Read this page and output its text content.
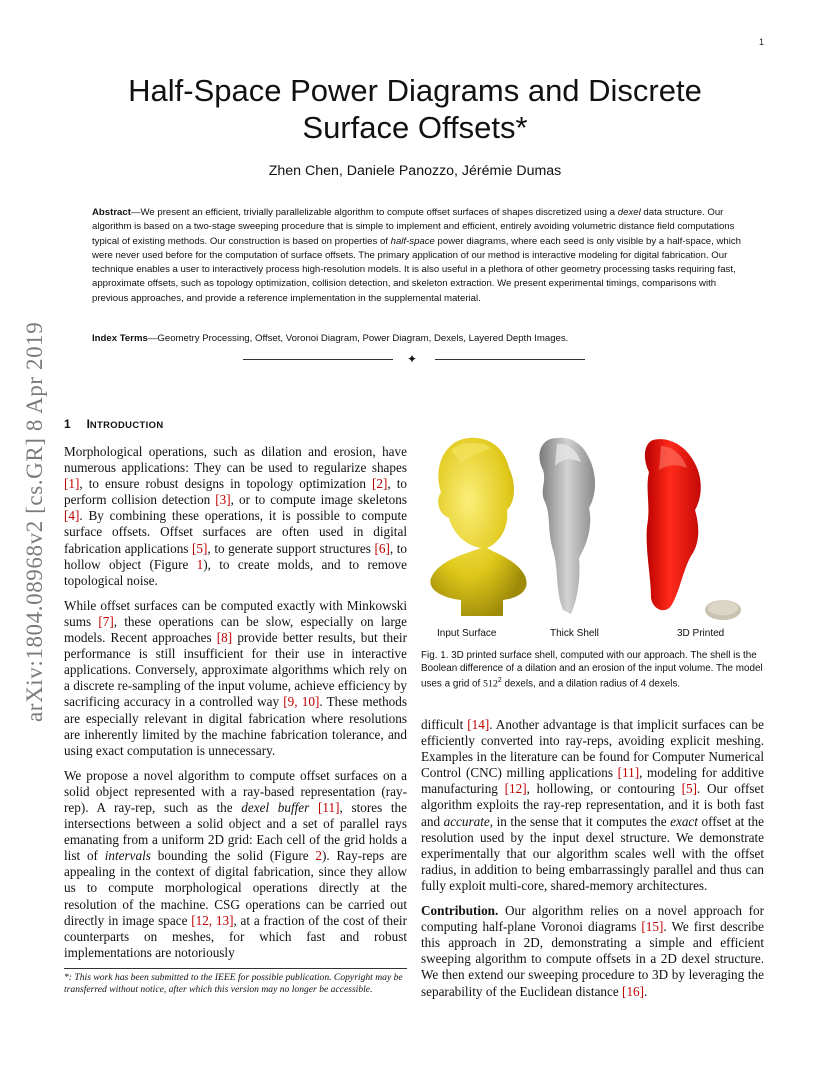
1
arXiv:1804.08968v2 [cs.GR] 8 Apr 2019
Half-Space Power Diagrams and Discrete Surface Offsets*
Zhen Chen, Daniele Panozzo, Jérémie Dumas
Abstract—We present an efficient, trivially parallelizable algorithm to compute offset surfaces of shapes discretized using a dexel data structure. Our algorithm is based on a two-stage sweeping procedure that is simple to implement and efficient, entirely avoiding volumetric distance field computations typical of existing methods. Our construction is based on properties of half-space power diagrams, where each seed is only visible by a half-space, which were never used before for the computation of surface offsets. The primary application of our method is interactive modeling for digital fabrication. Our technique enables a user to interactively process high-resolution models. It is also useful in a plethora of other geometry processing tasks requiring fast, approximate offsets, such as topology optimization, collision detection, and skeleton extraction. We present experimental timings, comparisons with previous approaches, and provide a reference implementation in the supplemental material.
Index Terms—Geometry Processing, Offset, Voronoi Diagram, Power Diagram, Dexels, Layered Depth Images.
✦
1 INTRODUCTION

Morphological operations, such as dilation and erosion, have numerous applications: They can be used to regularize shapes [1], to ensure robust designs in topology optimization [2], to perform collision detection [3], or to compute image skeletons [4]. By combining these operations, it is possible to compute surface offsets. Offset surfaces are often used in digital fabrication applications [5], to generate support structures [6], to hollow object (Figure 1), to create molds, and to remove topological noise.

While offset surfaces can be computed exactly with Minkowski sums [7], these operations can be slow, especially on large models. Recent approaches [8] provide better results, but their performance is still insufficient for their use in interactive applications. Conversely, approximate algorithms which rely on a discrete re-sampling of the input volume, achieve efficiency by sacrificing accuracy in a controlled way [9, 10]. These methods are especially relevant in digital fabrication where resolutions are inherently limited by the machine fabrication tolerance, and using exact computation is unnecessary.

We propose a novel algorithm to compute offset surfaces on a solid object represented with a ray-based representation (ray-rep). A ray-rep, such as the dexel buffer [11], stores the intersections between a solid object and a set of parallel rays emanating from a uniform 2D grid: Each cell of the grid holds a list of intervals bounding the solid (Figure 2). Ray-reps are appealing in the context of digital fabrication, since they allow us to compute morphological operations directly at the resolution of the machine. CSG operations can be carried out directly in image space [12, 13], at a fraction of the cost of their counterparts on meshes, for which fast and robust implementations are notoriously

Input Surface	Thick Shell	3D Printed
Fig. 1. 3D printed surface shell, computed with our approach. The shell is the Boolean difference of a dilation and an erosion of the input volume. The model uses a grid of $512^2$ dexels, and a dilation radius of 4 dexels.

difficult [14]. Another advantage is that implicit surfaces can be efficiently converted into ray-reps, avoiding explicit meshing. Examples in the literature can be found for Computer Numerical Control (CNC) milling applications [11], modeling for additive manufacturing [12], hollowing, or contouring [5]. Our offset algorithm exploits the ray-rep representation, and it is both fast and accurate, in the sense that it computes the exact offset at the resolution used by the input dexel structure. We demonstrate experimentally that our algorithm scales well with the offset radius, in addition to being embarrassingly parallel and thus can fully exploit multi-core, shared-memory architectures.

Contribution. Our algorithm relies on a novel approach for computing half-plane Voronoi diagrams [15]. We first describe this approach in 2D, demonstrating a simple and efficient sweeping algorithm to compute offsets in a 2D dexel structure. We then extend our sweeping procedure to 3D by leveraging the separability of the Euclidean distance [16].

*: This work has been submitted to the IEEE for possible publication. Copyright may be transferred without notice, after which this version may no longer be accessible.
